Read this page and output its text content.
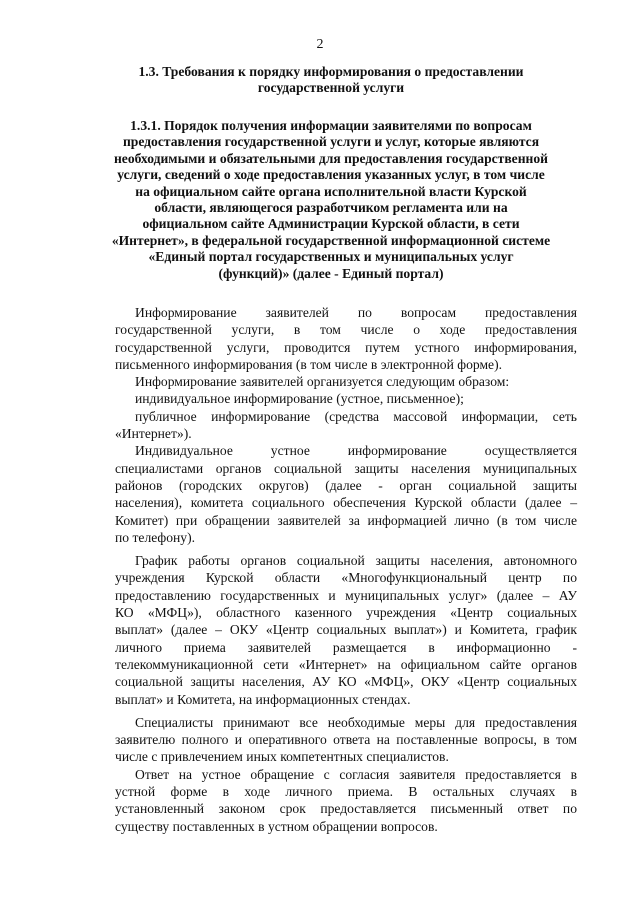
2
1.3. Требования к порядку информирования о предоставлении
государственной услуги
1.3.1. Порядок получения информации заявителями по вопросам
предоставления государственной услуги и услуг, которые являются
необходимыми и обязательными для предоставления государственной
услуги, сведений о ходе предоставления указанных услуг, в том числе
на официальном сайте органа исполнительной власти Курской
области, являющегося разработчиком регламента или на
официальном сайте Администрации Курской области, в сети
«Интернет», в федеральной государственной информационной системе
«Единый портал государственных и муниципальных услуг
(функций)» (далее - Единый портал)
Информирование заявителей по вопросам предоставления
государственной услуги, в том числе о ходе предоставления
государственной услуги, проводится путем устного информирования,
письменного информирования (в том числе в электронной форме).
Информирование заявителей организуется следующим образом:
индивидуальное информирование (устное, письменное);
публичное информирование (средства массовой информации, сеть
«Интернет»).
Индивидуальное устное информирование осуществляется
специалистами органов социальной защиты населения муниципальных
районов (городских округов) (далее - орган социальной защиты
населения), комитета социального обеспечения Курской области (далее –
Комитет) при обращении заявителей за информацией лично (в том числе
по телефону).
График работы органов социальной защиты населения, автономного
учреждения Курской области «Многофункциональный центр по
предоставлению государственных и муниципальных услуг» (далее – АУ
КО «МФЦ»), областного казенного учреждения «Центр социальных
выплат» (далее – ОКУ «Центр социальных выплат») и Комитета, график
личного приема заявителей размещается в информационно -
телекоммуникационной сети «Интернет» на официальном сайте органов
социальной защиты населения, АУ КО «МФЦ», ОКУ «Центр социальных
выплат» и Комитета, на информационных стендах.
Специалисты принимают все необходимые меры для предоставления
заявителю полного и оперативного ответа на поставленные вопросы, в том
числе с привлечением иных компетентных специалистов.
Ответ на устное обращение с согласия заявителя предоставляется в
устной форме в ходе личного приема. В остальных случаях в
установленный законом срок предоставляется письменный ответ по
существу поставленных в устном обращении вопросов.
